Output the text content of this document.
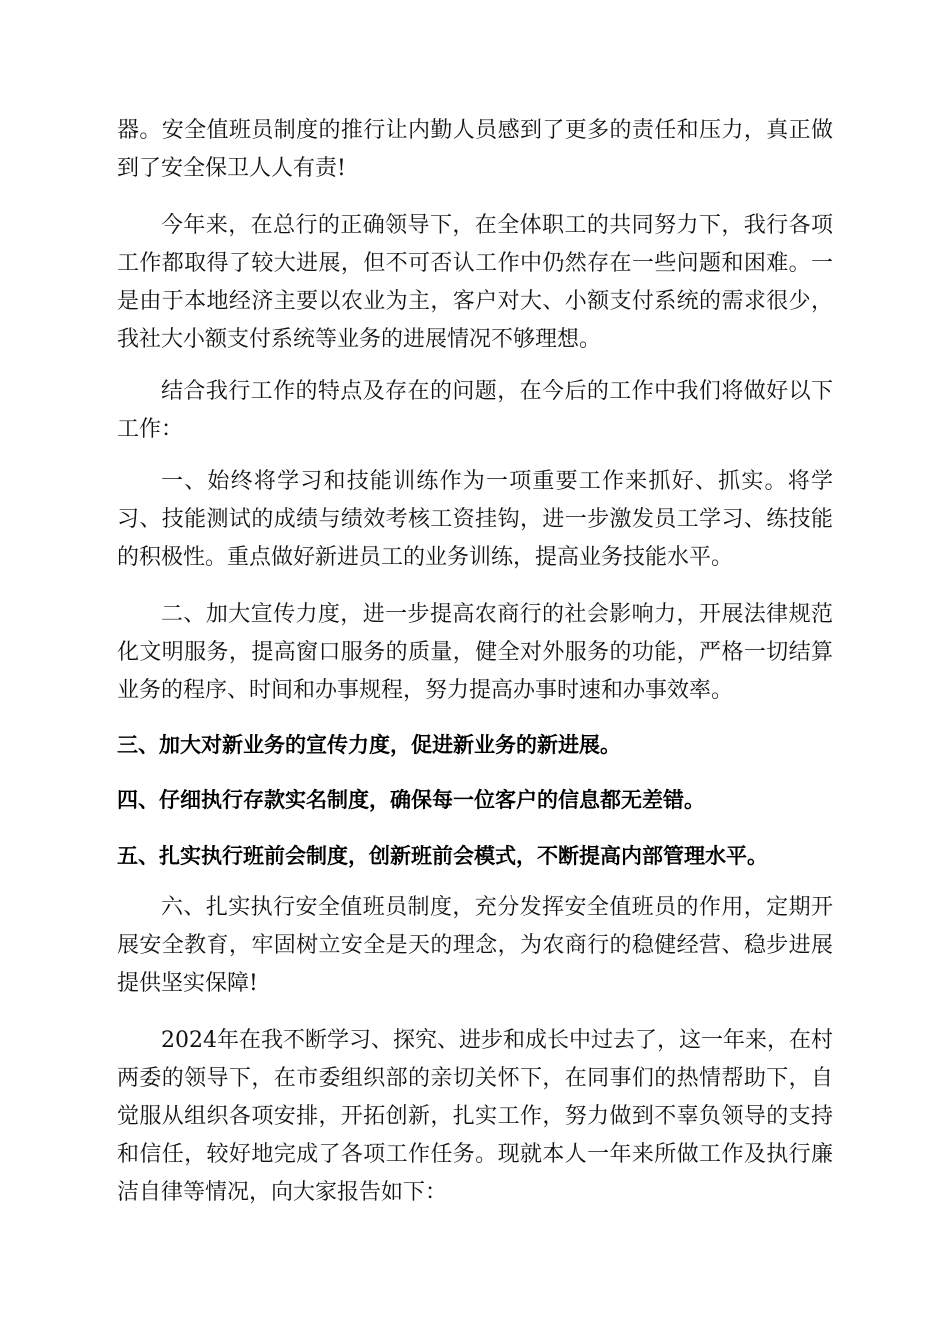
器。安全值班员制度的推行让内勤人员感到了更多的责任和压力，真正做到了安全保卫人人有责!

今年来，在总行的正确领导下，在全体职工的共同努力下，我行各项工作都取得了较大进展，但不可否认工作中仍然存在一些问题和困难。一是由于本地经济主要以农业为主，客户对大、小额支付系统的需求很少，我社大小额支付系统等业务的进展情况不够理想。

结合我行工作的特点及存在的问题，在今后的工作中我们将做好以下工作：

一、始终将学习和技能训练作为一项重要工作来抓好、抓实。将学习、技能测试的成绩与绩效考核工资挂钩，进一步激发员工学习、练技能的积极性。重点做好新进员工的业务训练，提高业务技能水平。

二、加大宣传力度，进一步提高农商行的社会影响力，开展法律规范化文明服务，提高窗口服务的质量，健全对外服务的功能，严格一切结算业务的程序、时间和办事规程，努力提高办事时速和办事效率。

三、加大对新业务的宣传力度，促进新业务的新进展。

四、仔细执行存款实名制度，确保每一位客户的信息都无差错。

五、扎实执行班前会制度，创新班前会模式，不断提高内部管理水平。

六、扎实执行安全值班员制度，充分发挥安全值班员的作用，定期开展安全教育，牢固树立安全是天的理念，为农商行的稳健经营、稳步进展提供坚实保障!

2024年在我不断学习、探究、进步和成长中过去了，这一年来，在村两委的领导下，在市委组织部的亲切关怀下，在同事们的热情帮助下，自觉服从组织各项安排，开拓创新，扎实工作，努力做到不辜负领导的支持和信任，较好地完成了各项工作任务。现就本人一年来所做工作及执行廉洁自律等情况，向大家报告如下：
